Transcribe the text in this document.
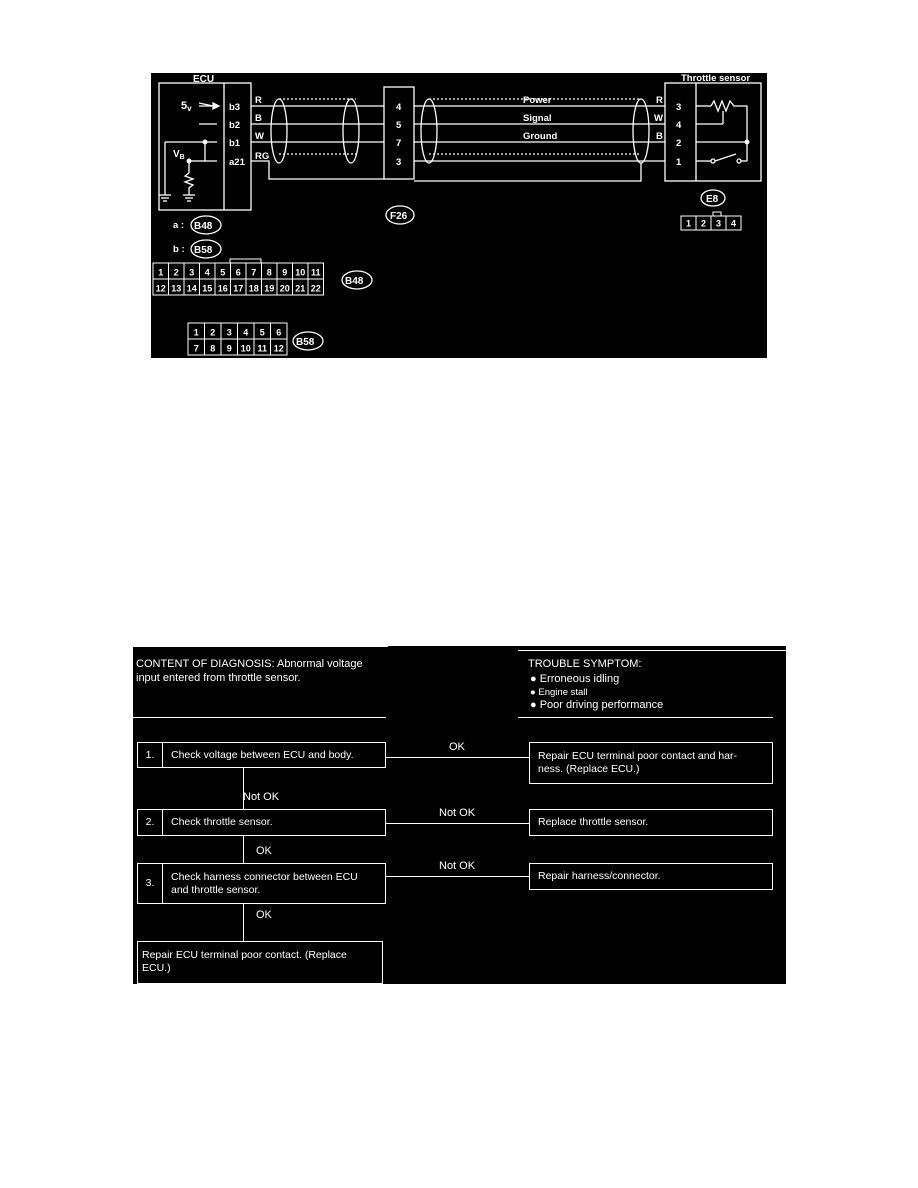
ECU	Throttle sensor
b3
b2
b1
a21
5v
$V_B$
R
B
W
RG
4
5
7
3
Power
Signal
Ground
R
W
B
3
4
2
1
F26
E8
a :
b :
B48
B58
B48
B58
1 2 3 4 5 6 7 8 9 10 11
12 13 14 15 16 17 18 19 20 21 22
1 2 3 4 5 6
7 8 9 10 11 12
1 2 3 4
CONTENT OF DIAGNOSIS: Abnormal voltage
input entered from throttle sensor.
TROUBLE SYMPTOM:
● Erroneous idling
● Engine stall
● Poor driving performance
1.	Check voltage between ECU and body.
2.	Check throttle sensor.
3.
Check harness connector between ECU
and throttle sensor.
Repair ECU terminal poor contact. (Replace
ECU.)
Repair ECU terminal poor contact and har-
ness. (Replace ECU.)
Replace throttle sensor.
Repair harness/connector.
OK
Not OK
Not OK
OK
Not OK
OK
